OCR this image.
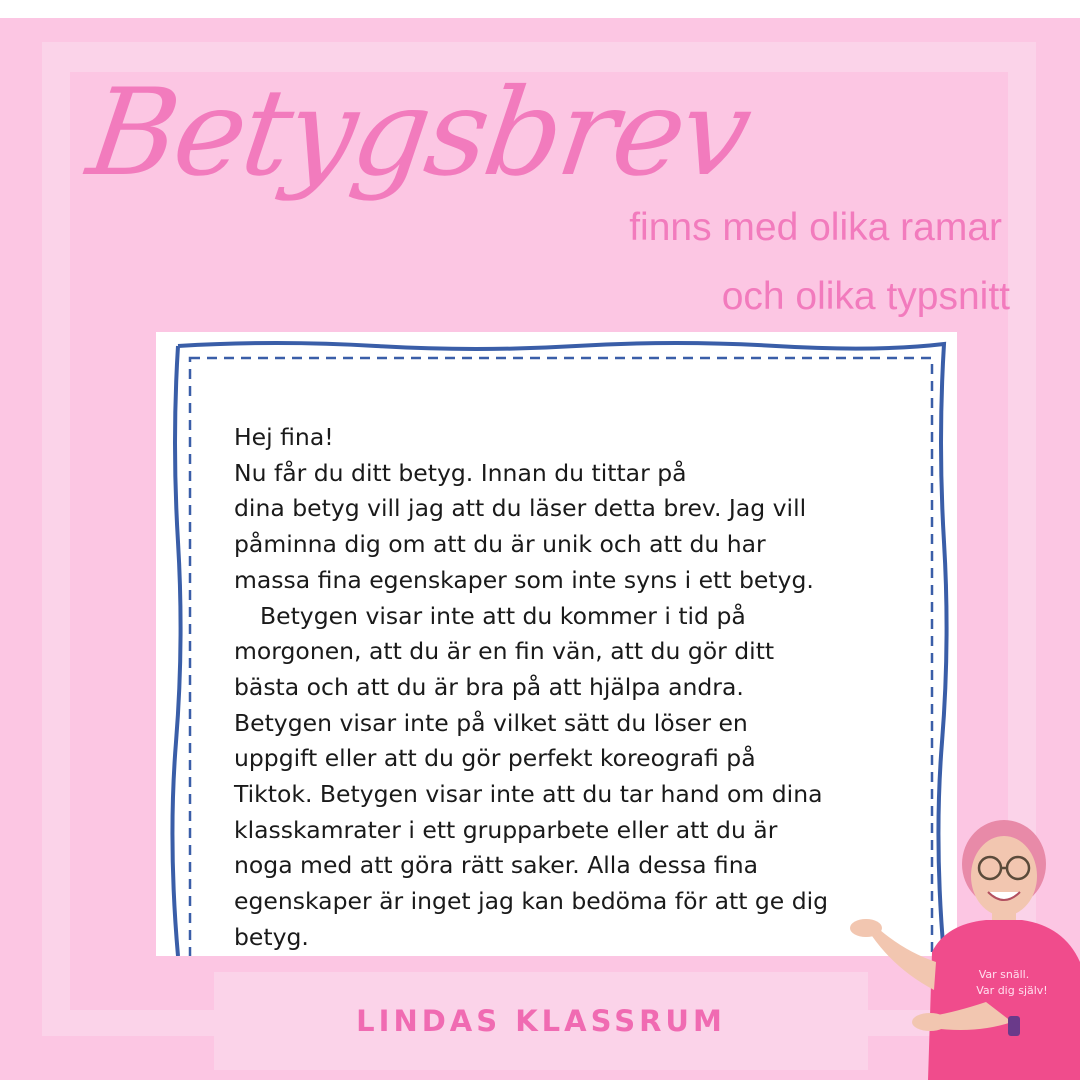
Betygsbrev
finns med olika ramar
och olika typsnitt

Hej fina!

Nu får du ditt betyg. Innan du tittar på

dina betyg vill jag att du läser detta brev. Jag vill

påminna dig om att du är unik och att du har

massa fina egenskaper som inte syns i ett betyg.

Betygen visar inte att du kommer i tid på

morgonen, att du är en fin vän, att du gör ditt

bästa och att du är bra på att hjälpa andra.

Betygen visar inte på vilket sätt du löser en

uppgift eller att du gör perfekt koreografi på

Tiktok. Betygen visar inte att du tar hand om dina

klasskamrater i ett grupparbete eller att du är

noga med att göra rätt saker. Alla dessa fina

egenskaper är inget jag kan bedöma för att ge dig

betyg.

LINDAS KLASSRUM
Var snäll.
Var dig själv!
